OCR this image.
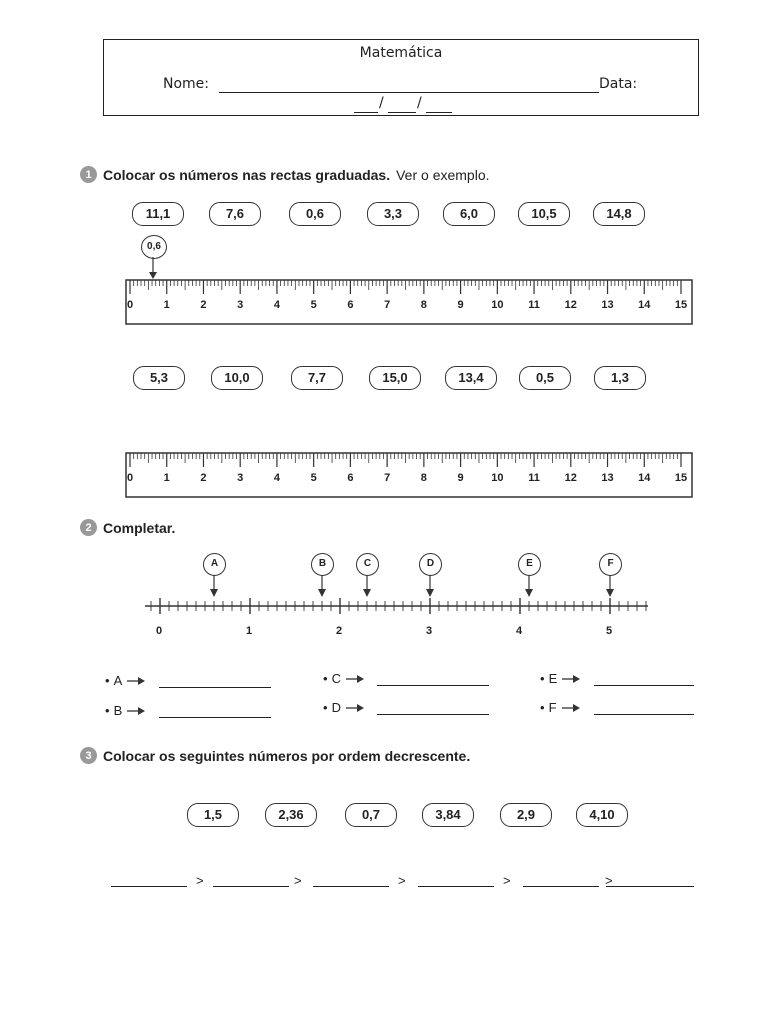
Matemática
Nome:	Data:
/ /
1 Colocar os números nas rectas graduadas. Ver o exemplo.
11,1	7,6	0,6	3,3	6,0	10,5	14,8
5,3	10,0	7,7	15,0	13,4	0,5	1,3
0,6
0	1	2	3	4	5	6	7	8	9	10	11	12	13	14	15
0	1	2	3	4	5	6	7	8	9	10	11	12	13	14	15
2 Completar.
A	B	C	D	E	F
0	1	2	3	4	5
• A
• B
• C
• D
• E
• F
3 Colocar os seguintes números por ordem decrescente.
1,5	2,36	0,7	3,84	2,9	4,10
>	>	>	>	>
